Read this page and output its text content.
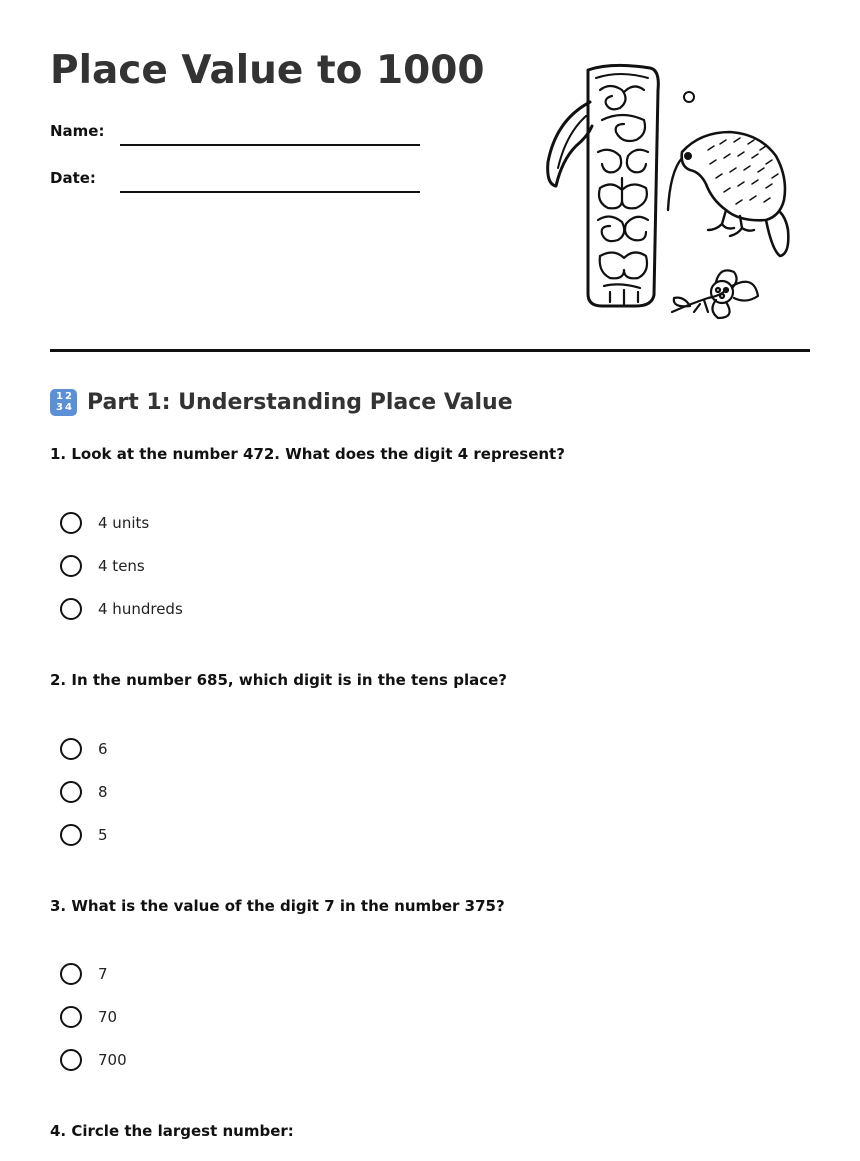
Place Value to 1000
Name:
Date:
1 2
3 4 Part 1: Understanding Place Value

1. Look at the number 472. What does the digit 4 represent?

4 units
4 tens
4 hundreds

2. In the number 685, which digit is in the tens place?

6
8
5

3. What is the value of the digit 7 in the number 375?

7
70
700

4. Circle the largest number:
